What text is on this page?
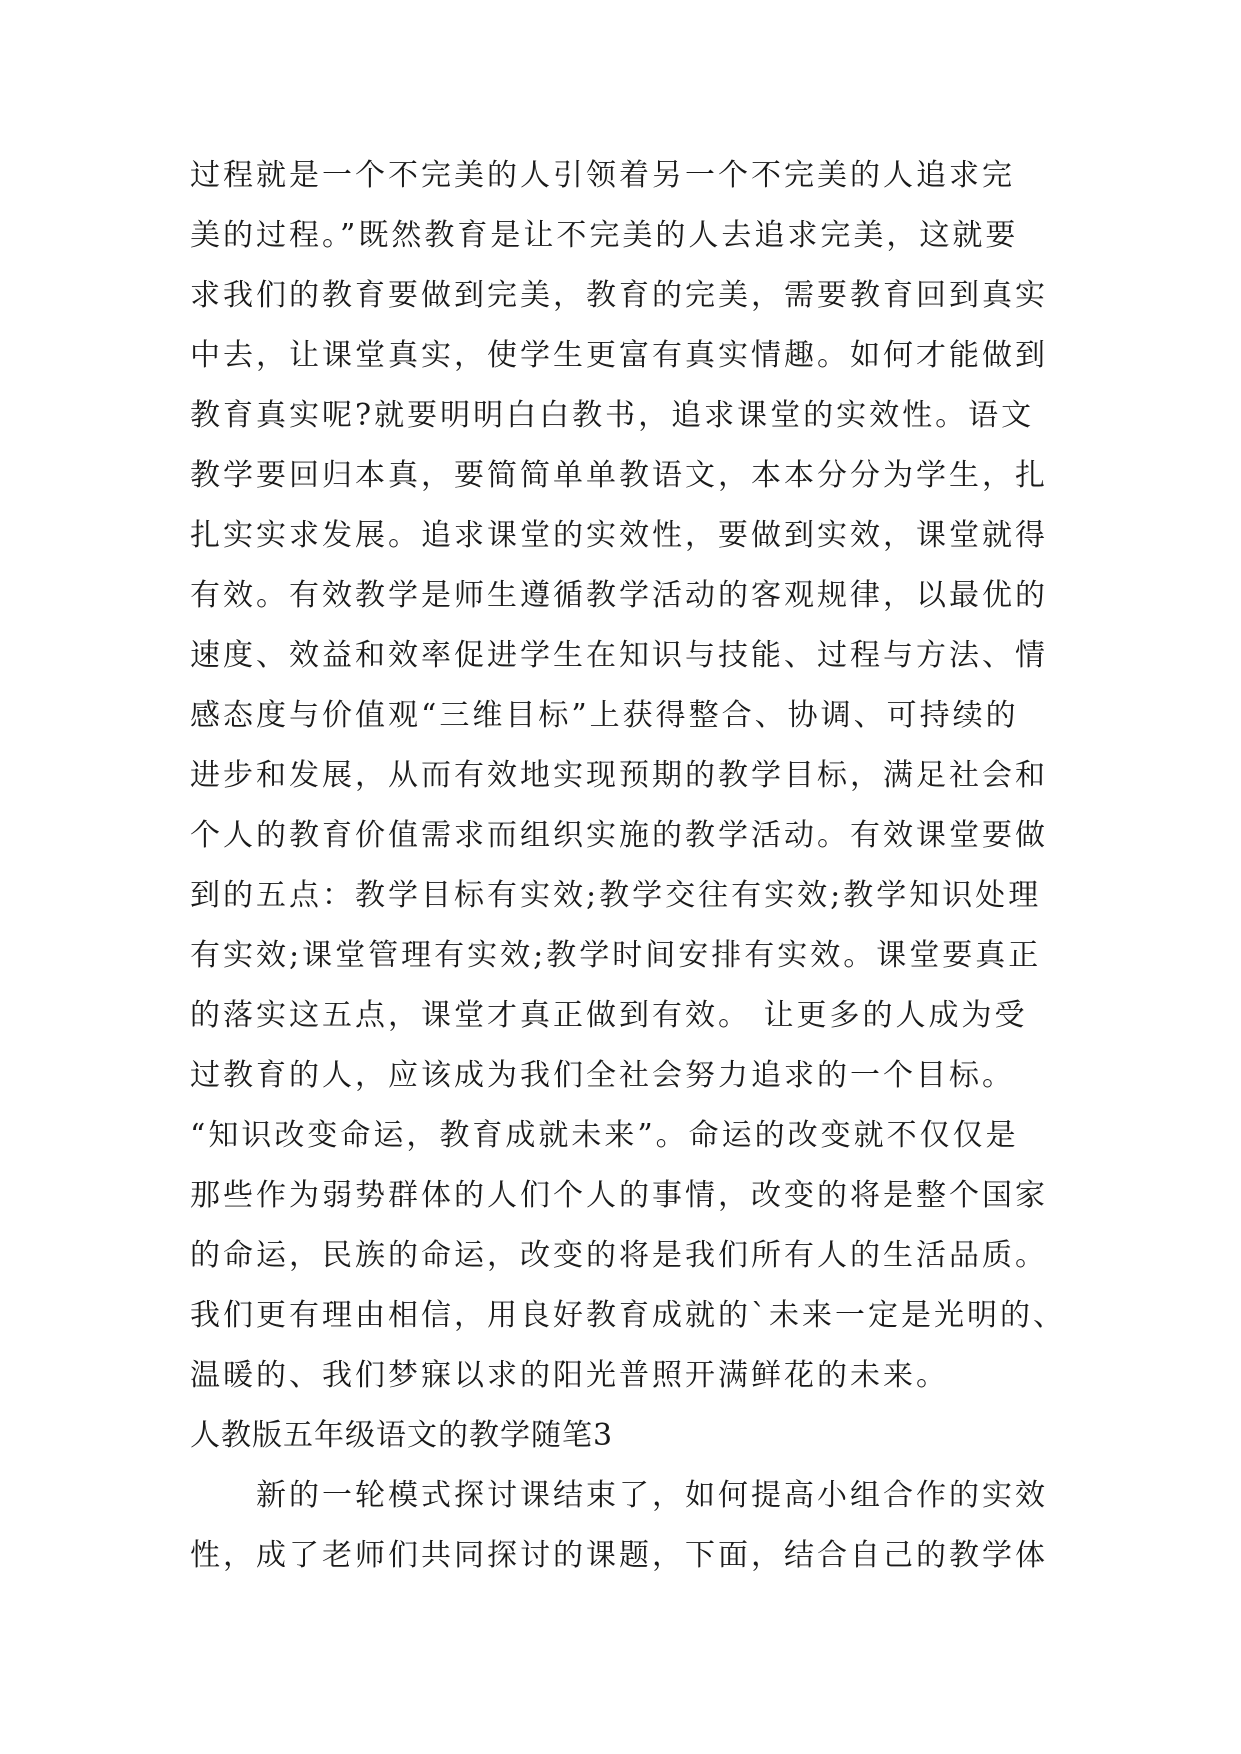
过程就是一个不完美的人引领着另一个不完美的人追求完
美的过程。”既然教育是让不完美的人去追求完美，这就要
求我们的教育要做到完美，教育的完美，需要教育回到真实
中去，让课堂真实，使学生更富有真实情趣。如何才能做到
教育真实呢?就要明明白白教书，追求课堂的实效性。语文
教学要回归本真，要简简单单教语文，本本分分为学生，扎
扎实实求发展。追求课堂的实效性，要做到实效，课堂就得
有效。有效教学是师生遵循教学活动的客观规律，以最优的
速度、效益和效率促进学生在知识与技能、过程与方法、情
感态度与价值观“三维目标”上获得整合、协调、可持续的
进步和发展，从而有效地实现预期的教学目标，满足社会和
个人的教育价值需求而组织实施的教学活动。有效课堂要做
到的五点：教学目标有实效;教学交往有实效;教学知识处理
有实效;课堂管理有实效;教学时间安排有实效。课堂要真正
的落实这五点，课堂才真正做到有效。 让更多的人成为受
过教育的人，应该成为我们全社会努力追求的一个目标。
“知识改变命运，教育成就未来”。命运的改变就不仅仅是
那些作为弱势群体的人们个人的事情，改变的将是整个国家
的命运，民族的命运，改变的将是我们所有人的生活品质。
我们更有理由相信，用良好教育成就的`未来一定是光明的、
温暖的、我们梦寐以求的阳光普照开满鲜花的未来。
人教版五年级语文的教学随笔3
新的一轮模式探讨课结束了，如何提高小组合作的实效
性，成了老师们共同探讨的课题，下面，结合自己的教学体
